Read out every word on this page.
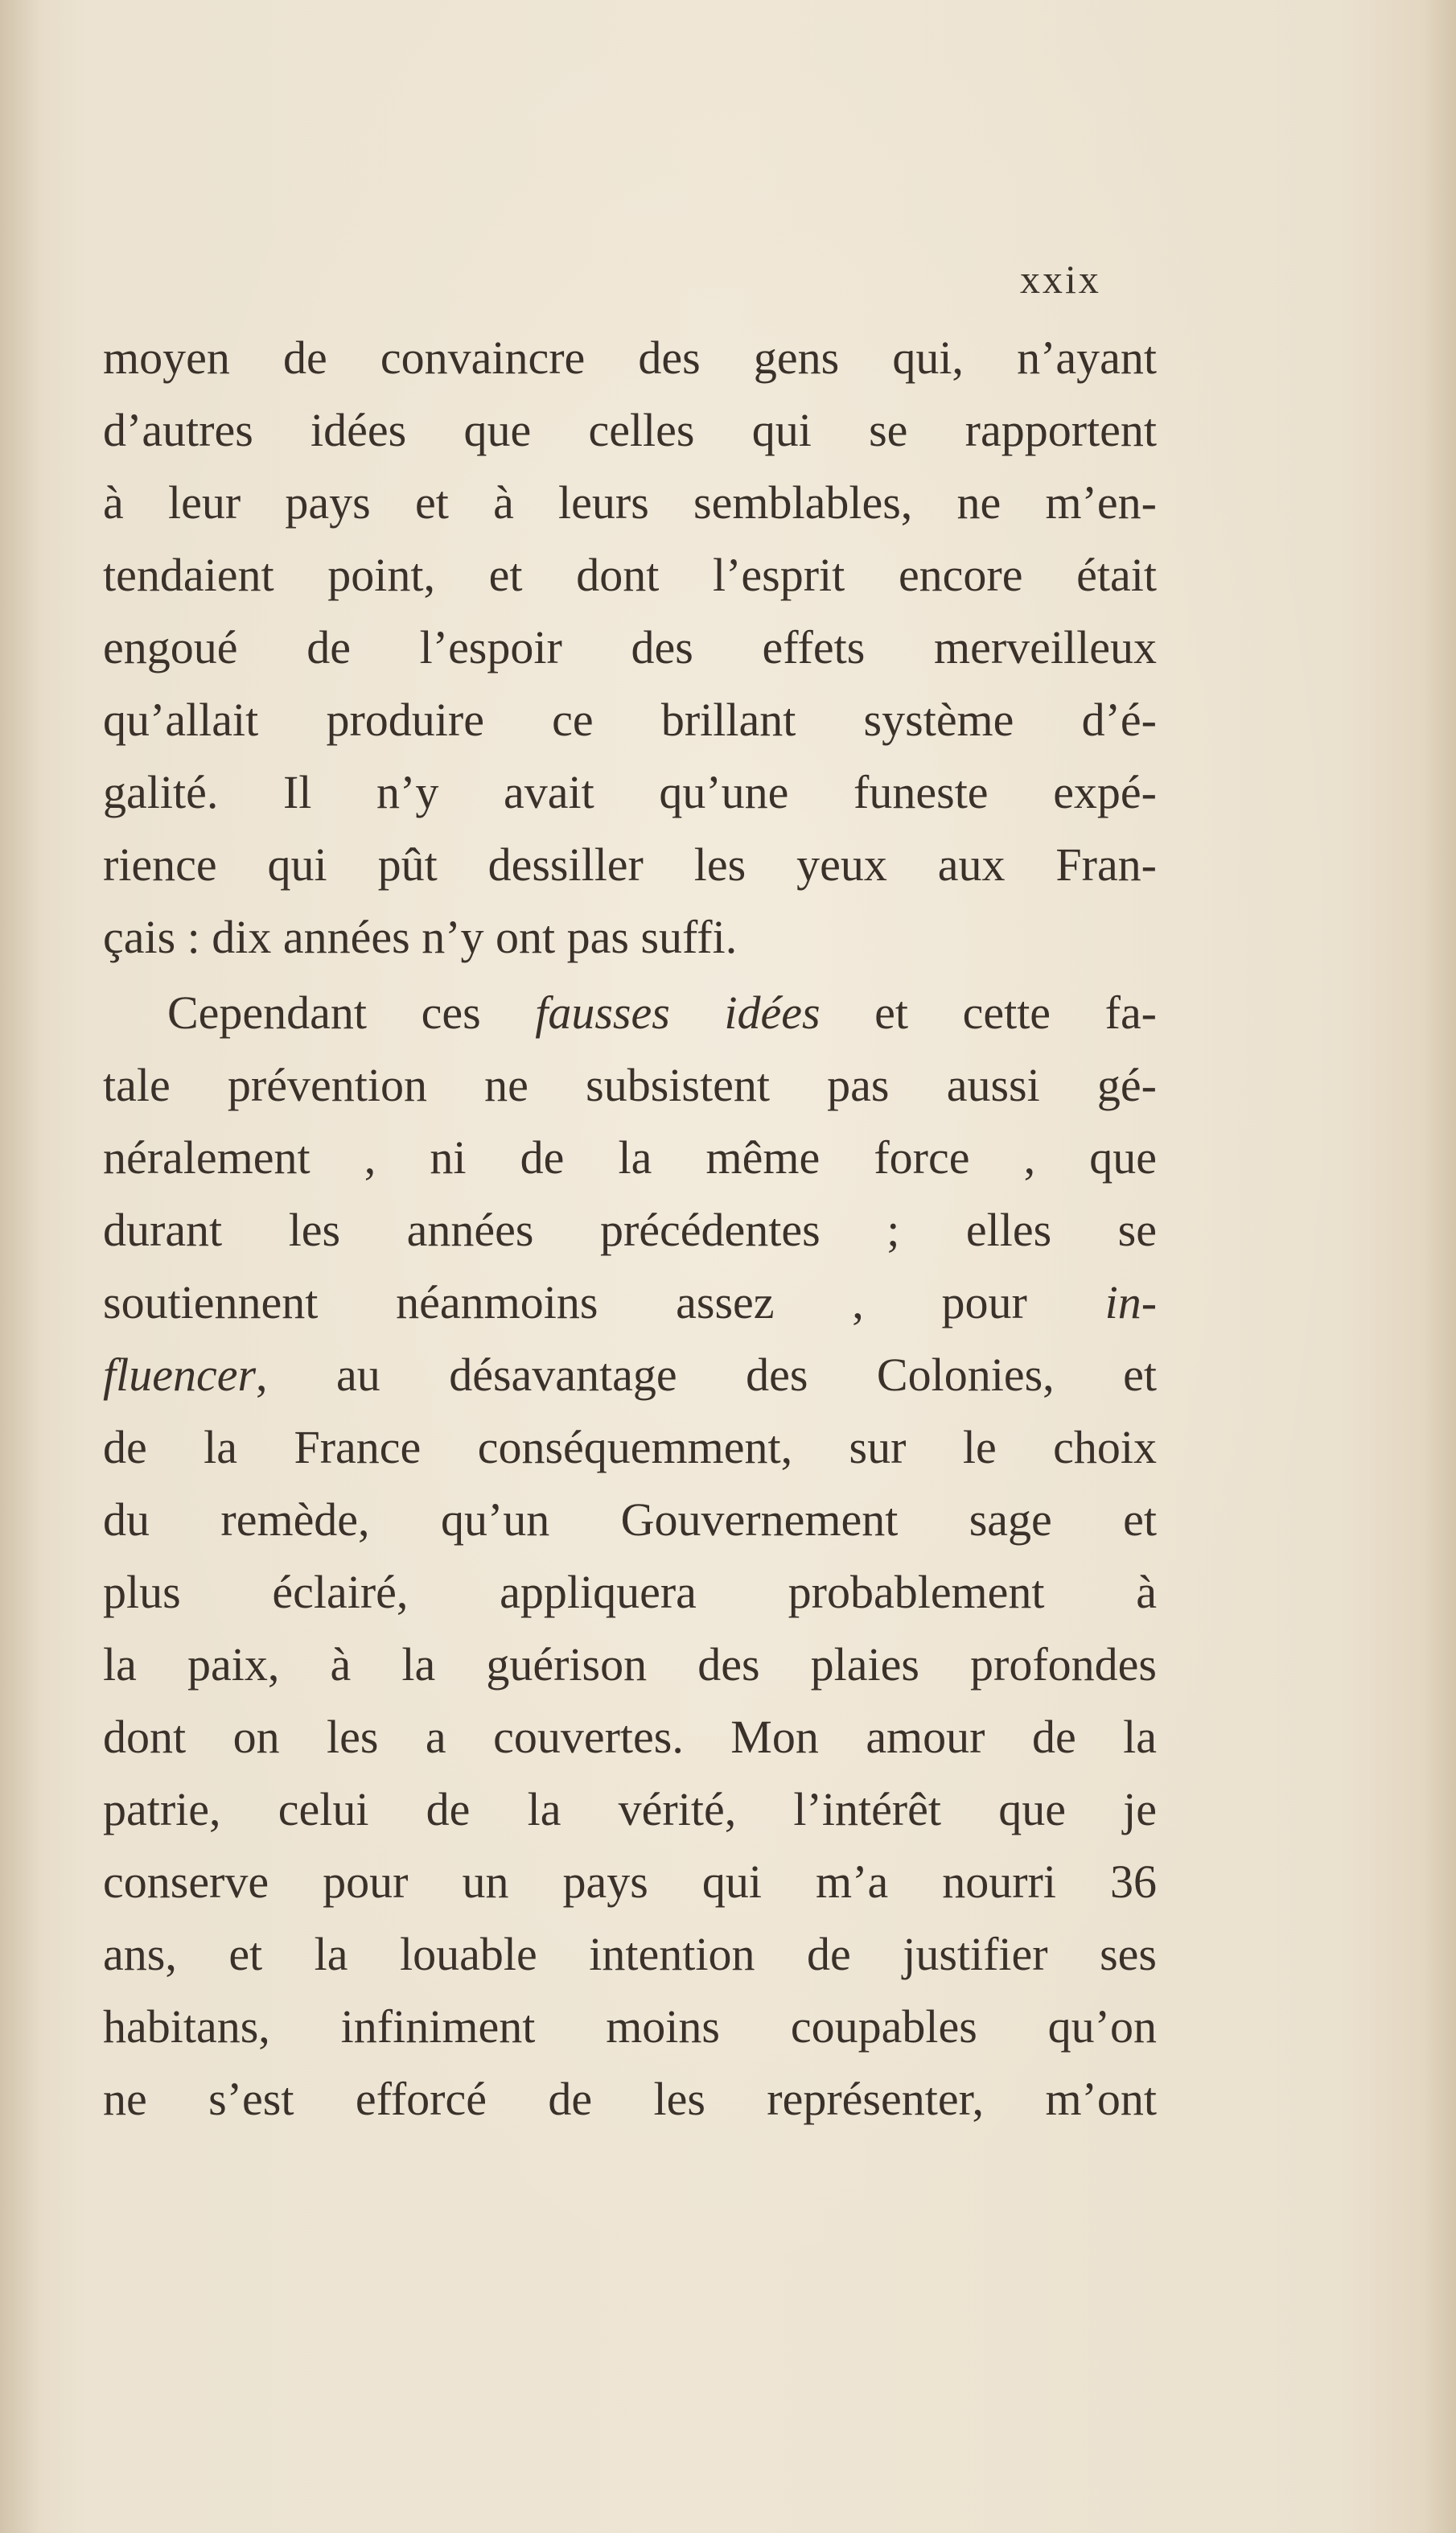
xxix
moyen de convaincre des gens qui, n’ayant
d’autres idées que celles qui se rapportent
à leur pays et à leurs semblables, ne m’en-
tendaient point, et dont l’esprit encore était
engoué de l’espoir des effets merveilleux
qu’allait produire ce brillant système d’é-
galité. Il n’y avait qu’une funeste expé-
rience qui pût dessiller les yeux aux Fran-
çais : dix années n’y ont pas suffi.
Cependant ces fausses idées et cette fa-
tale prévention ne subsistent pas aussi gé-
néralement , ni de la même force , que
durant les années précédentes ; elles se
soutiennent néanmoins assez , pour in-
fluencer, au désavantage des Colonies, et
de la France conséquemment, sur le choix
du remède, qu’un Gouvernement sage et
plus éclairé, appliquera probablement à
la paix, à la guérison des plaies profondes
dont on les a couvertes. Mon amour de la
patrie, celui de la vérité, l’intérêt que je
conserve pour un pays qui m’a nourri 36
ans, et la louable intention de justifier ses
habitans, infiniment moins coupables qu’on
ne s’est efforcé de les représenter, m’ont
